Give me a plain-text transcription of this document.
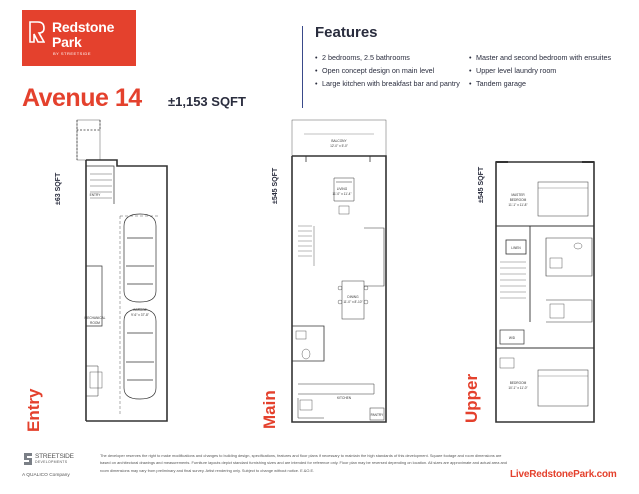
Redstone
Park
BY STREETSIDE
Avenue 14 ±1,153 SQFT
Features
• 2 bedrooms, 2.5 bathrooms
• Open concept design on main level
• Large kitchen with breakfast bar and pantry
• Master and second bedroom with ensuites
• Upper level laundry room
• Tandem garage
±63 SQFT
Entry
ENTRY
GARAGE
9'-6" x 37'-8"
MECHANICAL
ROOM
±545 SQFT
Main
BALCONY
12'-0" x 5'-0"
LIVING
11'-0" x 11'-4"
DINING
11'-0" x 8'-10"
KITCHEN
PANTRY
±545 SQFT
Upper
MASTER
BEDROOM
11'-1" x 11'-8"
LINEN
W/D
BEDROOM
10'-1" x 11'-0"
STREETSIDE
DEVELOPMENTS
A QUALICO Company
The developer reserves the right to make modifications and changes to building design, specifications, features and floor plans if necessary to maintain the high standards of this development. Square footage and room dimensions are based on architectural drawings and measurements. Furniture layouts depict standard furnishing sizes and are intended for reference only. Floor plan may be reversed depending on location. All sizes are approximate and actual area and room dimensions may vary from preliminary and final survey. Artist rendering only. Subject to change without notice. E.&O.E.	LiveRedstonePark.com
